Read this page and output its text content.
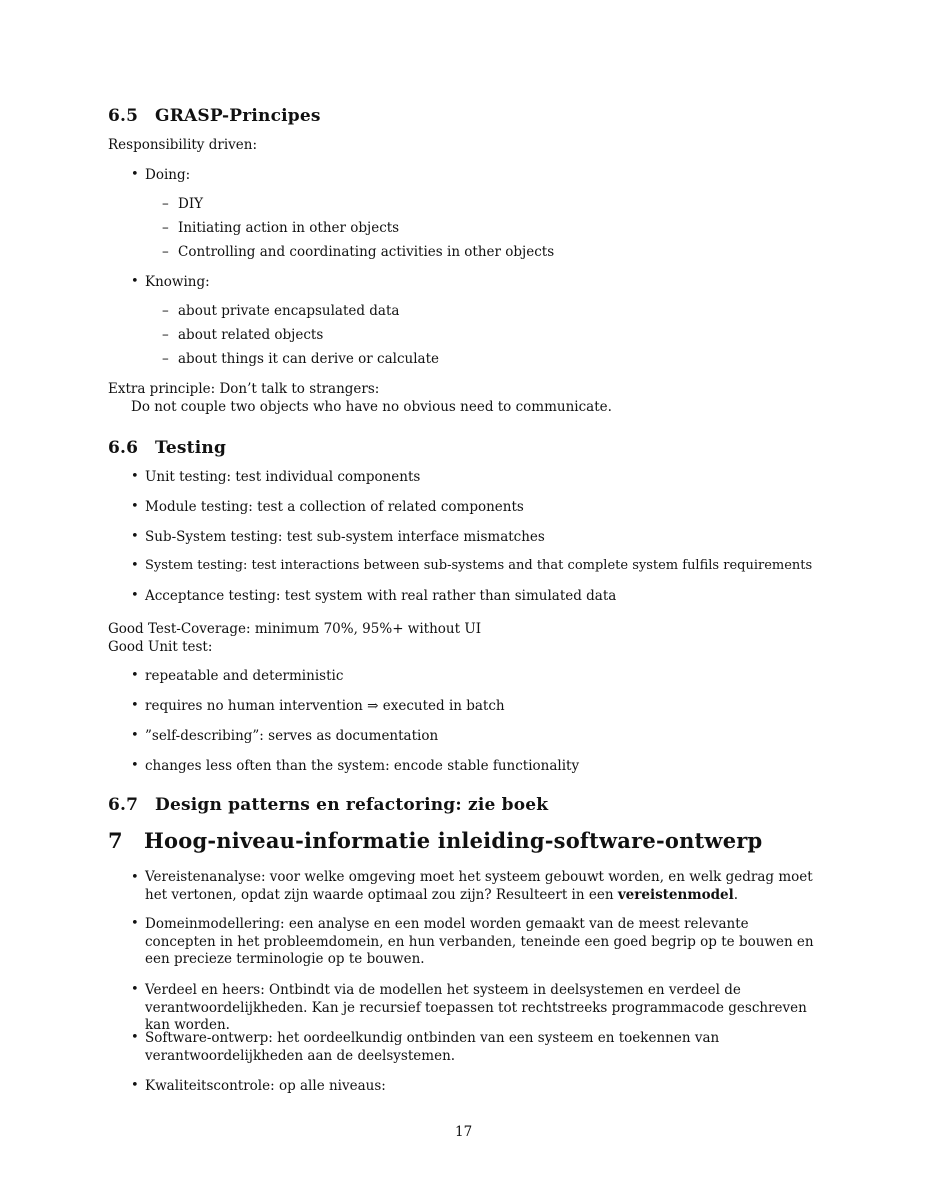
6.5 GRASP-Principes
Responsibility driven:
• Doing:
– DIY
– Initiating action in other objects
– Controlling and coordinating activities in other objects
• Knowing:
– about private encapsulated data
– about related objects
– about things it can derive or calculate
Extra principle: Don’t talk to strangers:
Do not couple two objects who have no obvious need to communicate.
6.6 Testing
• Unit testing: test individual components
• Module testing: test a collection of related components
• Sub-System testing: test sub-system interface mismatches
• System testing: test interactions between sub-systems and that complete system fulfils requirements
• Acceptance testing: test system with real rather than simulated data
Good Test-Coverage: minimum 70%, 95%+ without UI
Good Unit test:
• repeatable and deterministic
• requires no human intervention ⇒ executed in batch
• ”self-describing”: serves as documentation
• changes less often than the system: encode stable functionality
6.7 Design patterns en refactoring: zie boek
7 Hoog-niveau-informatie inleiding-software-ontwerp
• Vereistenanalyse: voor welke omgeving moet het systeem gebouwt worden, en welk gedrag moet het vertonen, opdat zijn waarde optimaal zou zijn? Resulteert in een vereistenmodel.
• Domeinmodellering: een analyse en een model worden gemaakt van de meest relevante concepten in het probleemdomein, en hun verbanden, teneinde een goed begrip op te bouwen en een precieze terminologie op te bouwen.
• Verdeel en heers: Ontbindt via de modellen het systeem in deelsystemen en verdeel de verantwoordelijkheden. Kan je recursief toepassen tot rechtstreeks programmacode geschreven kan worden.
• Software-ontwerp: het oordeelkundig ontbinden van een systeem en toekennen van verantwoordelijkheden aan de deelsystemen.
• Kwaliteitscontrole: op alle niveaus:
17
